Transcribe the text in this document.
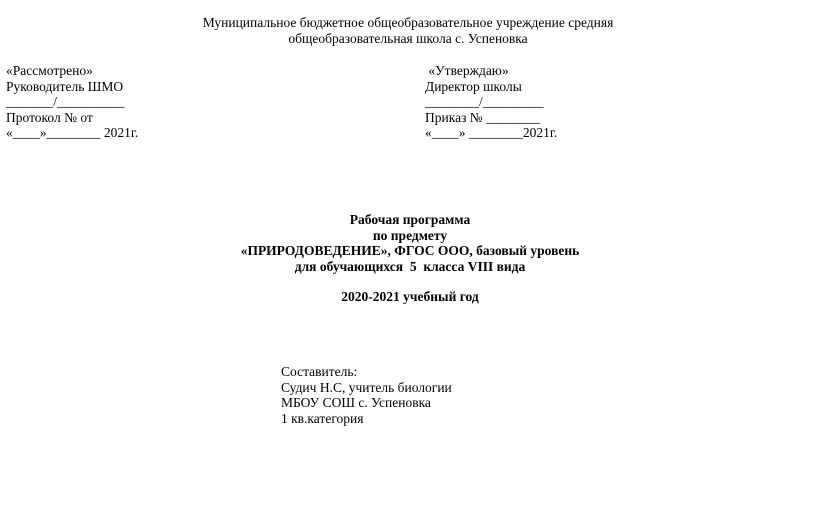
Муниципальное бюджетное общеобразовательное учреждение средняя
общеобразовательная школа с. Успеновка
«Рассмотрено»
Руководитель ШМО
_______/__________
Протокол № от
«____»________ 2021г.
«Утверждаю»
Директор школы
________/_________
Приказ № ________
«____» ________2021г.
Рабочая программа
по предмету
«ПРИРОДОВЕДЕНИЕ», ФГОС ООО, базовый уровень
для обучающихся  5  класса VIII вида
2020-2021 учебный год
Составитель:
Судич Н.С, учитель биологии
МБОУ СОШ с. Успеновка
1 кв.категория
